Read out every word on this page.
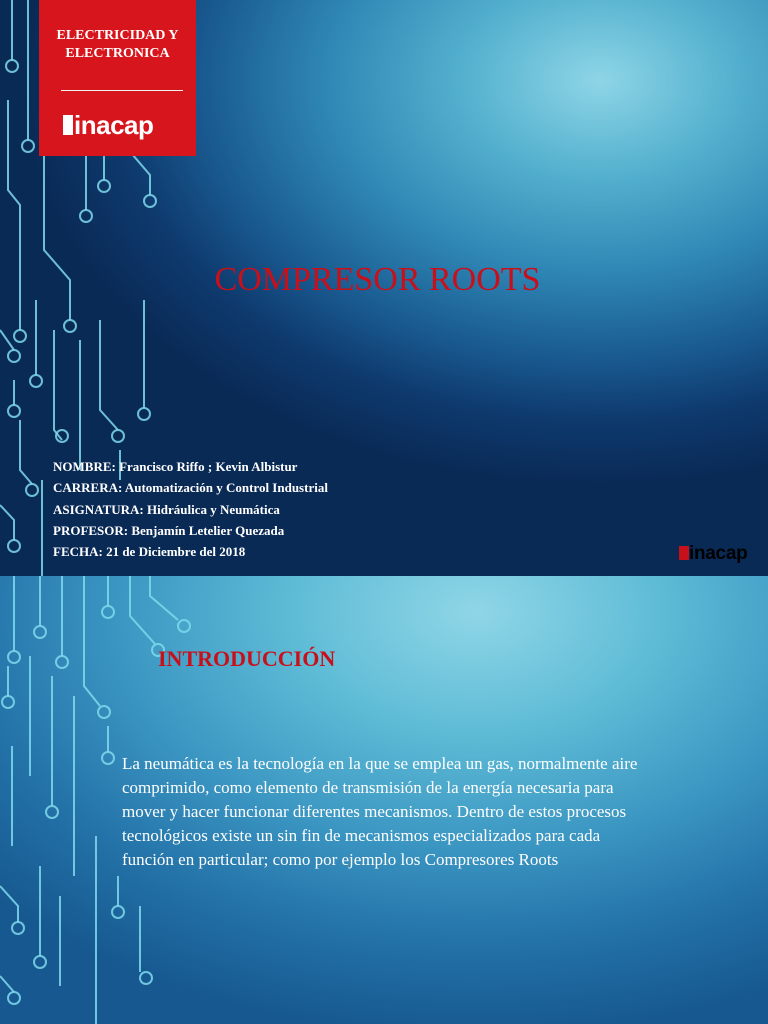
ELECTRICIDAD Y ELECTRONICA
inacap
COMPRESOR ROOTS
NOMBRE: Francisco Riffo ; Kevin Albistur
CARRERA: Automatización y Control Industrial
ASIGNATURA: Hidráulica y Neumática
PROFESOR: Benjamín Letelier Quezada
FECHA: 21 de Diciembre del 2018	inacap
INTRODUCCIÓN
La neumática es la tecnología en la que se emplea un gas, normalmente aire comprimido, como elemento de transmisión de la energía necesaria para mover y hacer funcionar diferentes mecanismos. Dentro de estos procesos tecnológicos existe un sin fin de mecanismos especializados para cada función en particular; como por ejemplo los Compresores Roots
